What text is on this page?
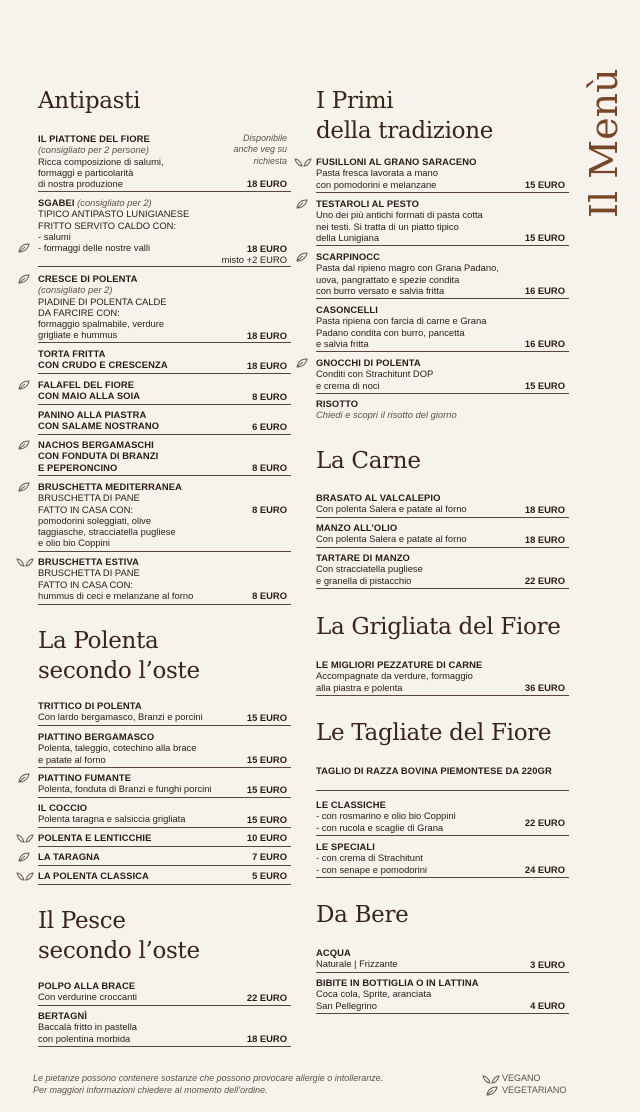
Il Menù
Antipasti
IL PIATTONE DEL FIORE
(consigliato per 2 persone)
Ricca composizione di salumi,
formaggi e particolarità
di nostra produzione
Disponibile anche veg su richiesta
18 EURO
SGABEI (consigliato per 2)
TIPICO ANTIPASTO LUNIGIANESE
FRITTO SERVITO CALDO CON:
- salumi
- formaggi delle nostre valli	18 EURO
misto +2 EURO
CRESCE DI POLENTA
(consigliato per 2)
PIADINE DI POLENTA CALDE
DA FARCIRE CON:
formaggio spalmabile, verdure
grigliate e hummus	18 EURO
TORTA FRITTA
CON CRUDO E CRESCENZA	18 EURO
FALAFEL DEL FIORE
CON MAIO ALLA SOIA	8 EURO
PANINO ALLA PIASTRA
CON SALAME NOSTRANO	6 EURO
NACHOS BERGAMASCHI
CON FONDUTA DI BRANZI
E PEPERONCINO	8 EURO
BRUSCHETTA MEDITERRANEA
BRUSCHETTA DI PANE
FATTO IN CASA CON:
pomodorini soleggiati, olive
taggiasche, stracciatella pugliese
e olio bio Coppini
8 EURO
BRUSCHETTA ESTIVA
BRUSCHETTA DI PANE
FATTO IN CASA CON:
hummus di ceci e melanzane al forno	8 EURO
La Polenta
secondo l’oste
TRITTICO DI POLENTA
Con lardo bergamasco, Branzi e porcini	15 EURO
PIATTINO BERGAMASCO
Polenta, taleggio, cotechino alla brace
e patate al forno	15 EURO
PIATTINO FUMANTE
Polenta, fonduta di Branzi e funghi porcini	15 EURO
IL COCCIO
Polenta taragna e salsiccia grigliata	15 EURO
POLENTA E LENTICCHIE	10 EURO
LA TARAGNA	7 EURO
LA POLENTA CLASSICA	5 EURO
Il Pesce
secondo l’oste
POLPO ALLA BRACE
Con verdurine croccanti	22 EURO
BERTAGNÌ
Baccalà fritto in pastella
con polentina morbida	18 EURO
I Primi
della tradizione
FUSILLONI AL GRANO SARACENO
Pasta fresca lavorata a mano
con pomodorini e melanzane	15 EURO
TESTAROLI AL PESTO
Uno dei più antichi formati di pasta cotta
nei testi. Si tratta di un piatto tipico
della Lunigiana	15 EURO
SCARPINOCC
Pasta dal ripieno magro con Grana Padano,
uova, pangrattato e spezie condita
con burro versato e salvia fritta	16 EURO
CASONCELLI
Pasta ripiena con farcia di carne e Grana
Padano condita con burro, pancetta
e salvia fritta	16 EURO
GNOCCHI DI POLENTA
Conditi con Strachitunt DOP
e crema di noci	15 EURO
RISOTTO
Chiedi e scopri il risotto del giorno
La Carne
BRASATO AL VALCALEPIO
Con polenta Salera e patate al forno	18 EURO
MANZO ALL’OLIO
Con polenta Salera e patate al forno	18 EURO
TARTARE DI MANZO
Con stracciatella pugliese
e granella di pistacchio	22 EURO
La Grigliata del Fiore
LE MIGLIORI PEZZATURE DI CARNE
Accompagnate da verdure, formaggio
alla piastra e polenta	36 EURO
Le Tagliate del Fiore
TAGLIO DI RAZZA BOVINA PIEMONTESE DA 220GR
LE CLASSICHE
- con rosmarino e olio bio Coppini
- con rucola e scaglie di Grana	22 EURO
LE SPECIALI
- con crema di Strachitunt
- con senape e pomodorini	24 EURO
Da Bere
ACQUA
Naturale | Frizzante	3 EURO
BIBITE IN BOTTIGLIA O IN LATTINA
Coca cola, Sprite, aranciata
San Pellegrino	4 EURO
Le pietanze possono contenere sostanze che possono provocare allergie o intolleranze.
Per maggiori informazioni chiedere al momento dell’ordine.
VEGANO
VEGETARIANO
